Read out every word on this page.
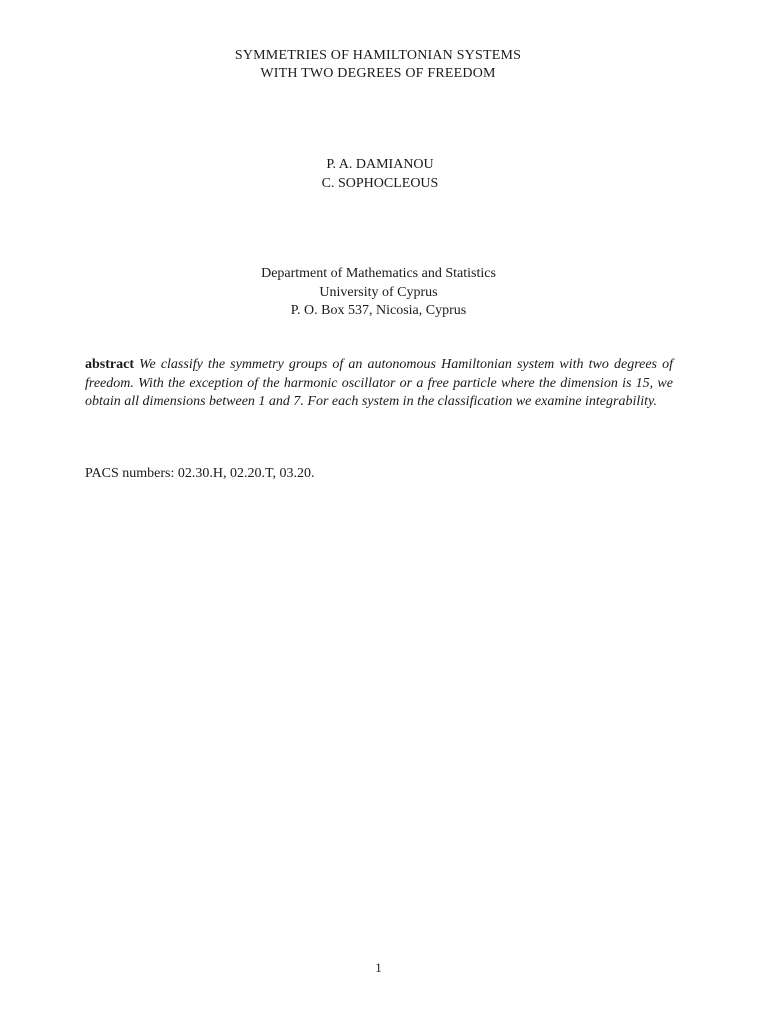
SYMMETRIES OF HAMILTONIAN SYSTEMS
WITH TWO DEGREES OF FREEDOM
P. A. DAMIANOU
C. SOPHOCLEOUS
Department of Mathematics and Statistics
University of Cyprus
P. O. Box 537, Nicosia, Cyprus
abstract We classify the symmetry groups of an autonomous Hamiltonian system with two degrees of freedom. With the exception of the harmonic oscillator or a free particle where the dimension is 15, we obtain all dimensions between 1 and 7. For each system in the classification we examine integrability.
PACS numbers: 02.30.H, 02.20.T, 03.20.
1
